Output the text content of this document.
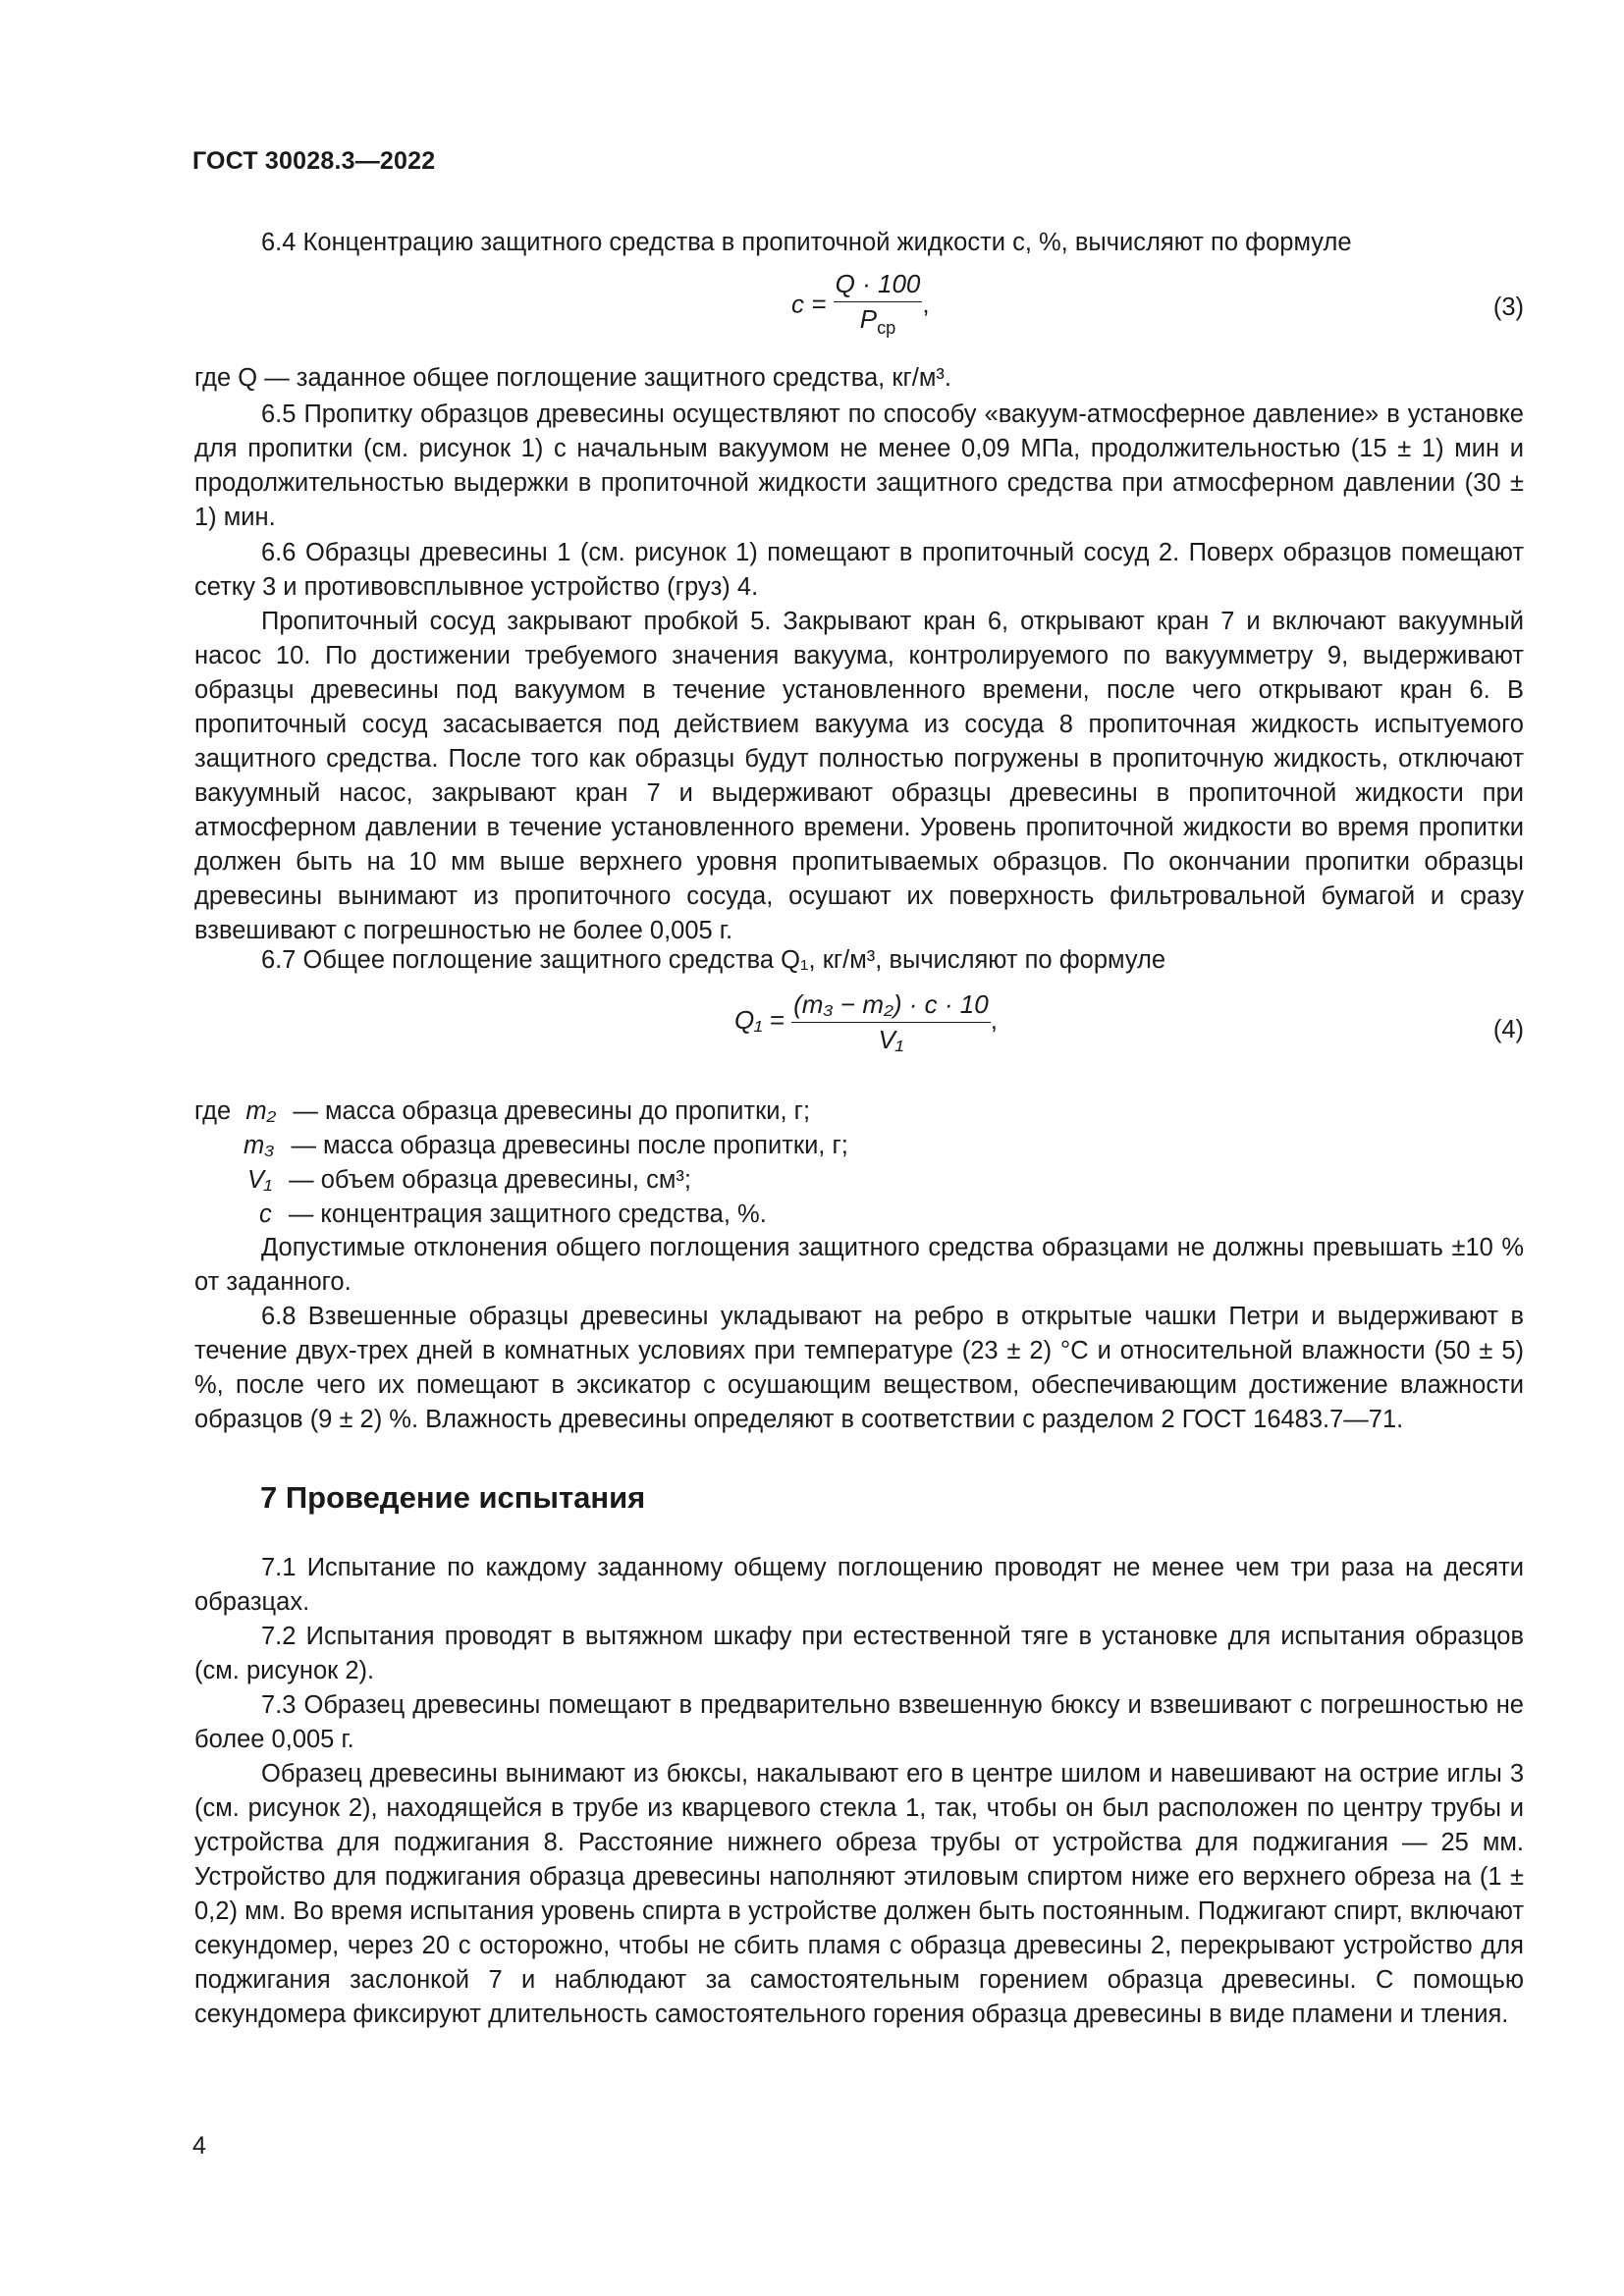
ГОСТ 30028.3—2022

6.4 Концентрацию защитного средства в пропиточной жидкости c, %, вычисляют по формуле

$c = \frac{Q \cdot 100}{P_{ср}}$ ,	(3)

где Q — заданное общее поглощение защитного средства, кг/м³.

6.5 Пропитку образцов древесины осуществляют по способу «вакуум-атмосферное давление» в установке для пропитки (см. рисунок 1) с начальным вакуумом не менее 0,09 МПа, продолжительностью (15 ± 1) мин и продолжительностью выдержки в пропиточной жидкости защитного средства при атмосферном давлении (30 ± 1) мин.

6.6 Образцы древесины 1 (см. рисунок 1) помещают в пропиточный сосуд 2. Поверх образцов помещают сетку 3 и противовсплывное устройство (груз) 4.

Пропиточный сосуд закрывают пробкой 5. Закрывают кран 6, открывают кран 7 и включают вакуумный насос 10. По достижении требуемого значения вакуума, контролируемого по вакуумметру 9, выдерживают образцы древесины под вакуумом в течение установленного времени, после чего открывают кран 6. В пропиточный сосуд засасывается под действием вакуума из сосуда 8 пропиточная жидкость испытуемого защитного средства. После того как образцы будут полностью погружены в пропиточную жидкость, отключают вакуумный насос, закрывают кран 7 и выдерживают образцы древесины в пропиточной жидкости при атмосферном давлении в течение установленного времени. Уровень пропиточной жидкости во время пропитки должен быть на 10 мм выше верхнего уровня пропитываемых образцов. По окончании пропитки образцы древесины вынимают из пропиточного сосуда, осушают их поверхность фильтровальной бумагой и сразу взвешивают с погрешностью не более 0,005 г.

6.7 Общее поглощение защитного средства Q₁, кг/м³, вычисляют по формуле

$Q_1 = \frac{\text{(m₃ − m₂) · c · 10}}{\text{V₁}}$ ,	(4)
где m₂ — масса образца древесины до пропитки, г;
m₃ — масса образца древесины после пропитки, г;
V₁ — объем образца древесины, см³;
c — концентрация защитного средства, %.

Допустимые отклонения общего поглощения защитного средства образцами не должны превышать ±10 % от заданного.

6.8 Взвешенные образцы древесины укладывают на ребро в открытые чашки Петри и выдерживают в течение двух-трех дней в комнатных условиях при температуре (23 ± 2) °С и относительной влажности (50 ± 5) %, после чего их помещают в эксикатор с осушающим веществом, обеспечивающим достижение влажности образцов (9 ± 2) %. Влажность древесины определяют в соответствии с разделом 2 ГОСТ 16483.7—71.

7 Проведение испытания

7.1 Испытание по каждому заданному общему поглощению проводят не менее чем три раза на десяти образцах.

7.2 Испытания проводят в вытяжном шкафу при естественной тяге в установке для испытания образцов (см. рисунок 2).

7.3 Образец древесины помещают в предварительно взвешенную бюксу и взвешивают с погрешностью не более 0,005 г.

Образец древесины вынимают из бюксы, накалывают его в центре шилом и навешивают на острие иглы 3 (см. рисунок 2), находящейся в трубе из кварцевого стекла 1, так, чтобы он был расположен по центру трубы и устройства для поджигания 8. Расстояние нижнего обреза трубы от устройства для поджигания — 25 мм. Устройство для поджигания образца древесины наполняют этиловым спиртом ниже его верхнего обреза на (1 ± 0,2) мм. Во время испытания уровень спирта в устройстве должен быть постоянным. Поджигают спирт, включают секундомер, через 20 с осторожно, чтобы не сбить пламя с образца древесины 2, перекрывают устройство для поджигания заслонкой 7 и наблюдают за самостоятельным горением образца древесины. С помощью секундомера фиксируют длительность самостоятельного горения образца древесины в виде пламени и тления.

4
